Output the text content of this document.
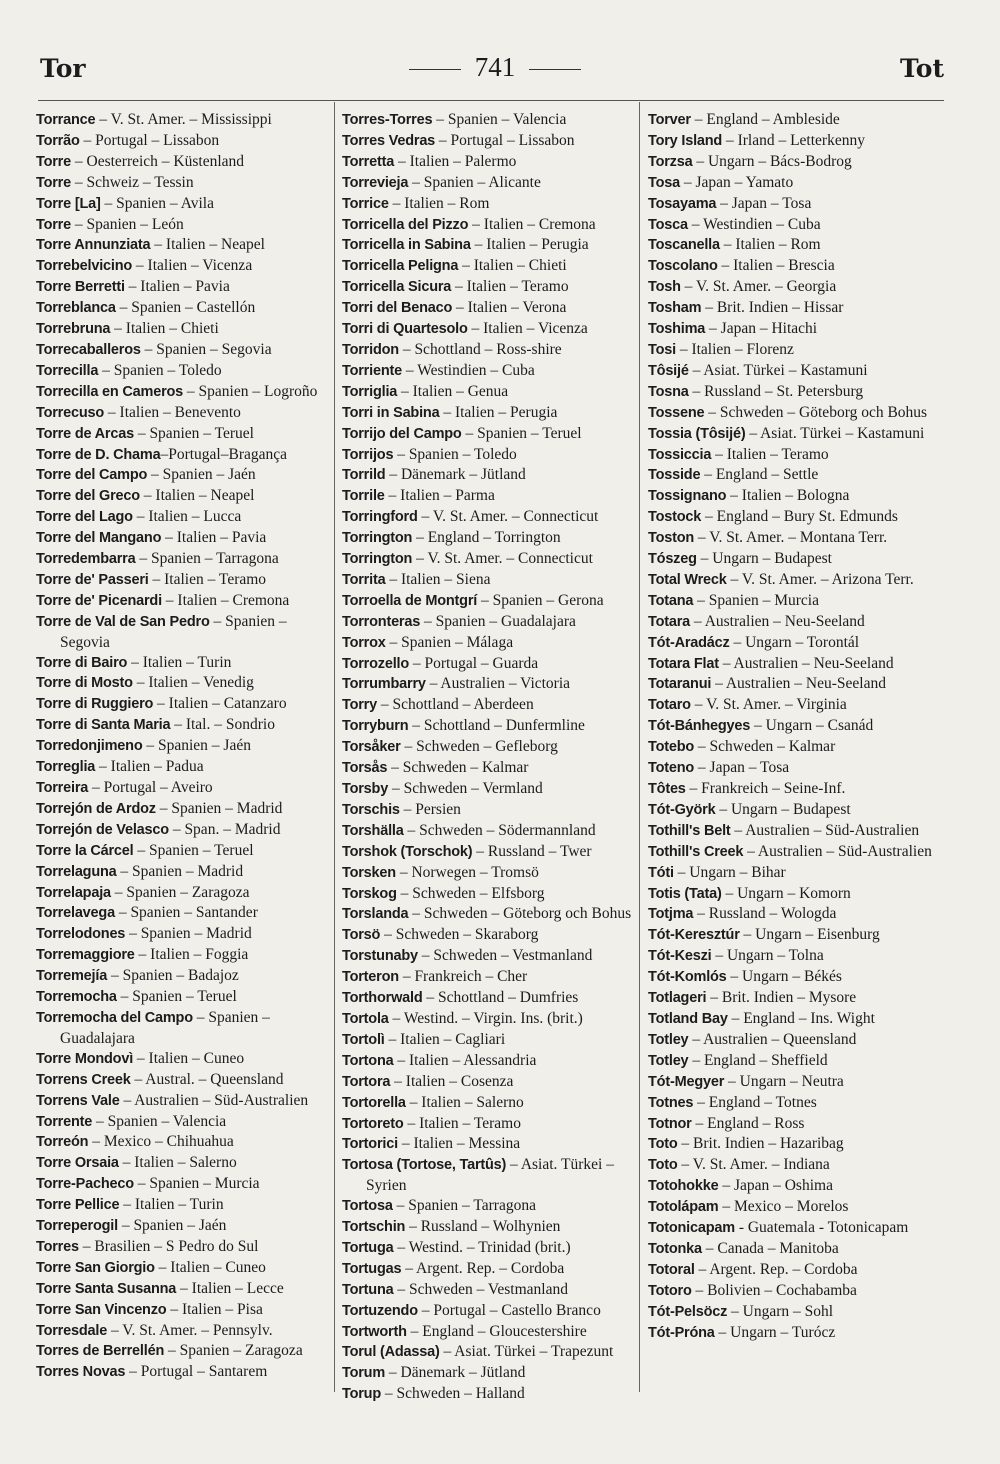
Tor	741	Tot
Torrance – V. St. Amer. – Mississippi
Torrão – Portugal – Lissabon
Torre – Oesterreich – Küstenland
Torre – Schweiz – Tessin
Torre [La] – Spanien – Avila
Torre – Spanien – León
Torre Annunziata – Italien – Neapel
Torrebelvicino – Italien – Vicenza
Torre Berretti – Italien – Pavia
Torreblanca – Spanien – Castellón
Torrebruna – Italien – Chieti
Torrecaballeros – Spanien – Segovia
Torrecilla – Spanien – Toledo
Torrecilla en Cameros – Spanien – Logroño
Torrecuso – Italien – Benevento
Torre de Arcas – Spanien – Teruel
Torre de D. Chama–Portugal–Bragança
Torre del Campo – Spanien – Jaén
Torre del Greco – Italien – Neapel
Torre del Lago – Italien – Lucca
Torre del Mangano – Italien – Pavia
Torredembarra – Spanien – Tarragona
Torre de' Passeri – Italien – Teramo
Torre de' Picenardi – Italien – Cremona
Torre de Val de San Pedro – Spanien – Segovia
Torre di Bairo – Italien – Turin
Torre di Mosto – Italien – Venedig
Torre di Ruggiero – Italien – Catanzaro
Torre di Santa Maria – Ital. – Sondrio
Torredonjimeno – Spanien – Jaén
Torreglia – Italien – Padua
Torreira – Portugal – Aveiro
Torrejón de Ardoz – Spanien – Madrid
Torrejón de Velasco – Span. – Madrid
Torre la Cárcel – Spanien – Teruel
Torrelaguna – Spanien – Madrid
Torrelapaja – Spanien – Zaragoza
Torrelavega – Spanien – Santander
Torrelodones – Spanien – Madrid
Torremaggiore – Italien – Foggia
Torremejía – Spanien – Badajoz
Torremocha – Spanien – Teruel
Torremocha del Campo – Spanien – Guadalajara
Torre Mondovì – Italien – Cuneo
Torrens Creek – Austral. – Queensland
Torrens Vale – Australien – Süd-Australien
Torrente – Spanien – Valencia
Torreón – Mexico – Chihuahua
Torre Orsaia – Italien – Salerno
Torre-Pacheco – Spanien – Murcia
Torre Pellice – Italien – Turin
Torreperogil – Spanien – Jaén
Torres – Brasilien – S Pedro do Sul
Torre San Giorgio – Italien – Cuneo
Torre Santa Susanna – Italien – Lecce
Torre San Vincenzo – Italien – Pisa
Torresdale – V. St. Amer. – Pennsylv.
Torres de Berrellén – Spanien – Zaragoza
Torres Novas – Portugal – Santarem
Torres-Torres – Spanien – Valencia
Torres Vedras – Portugal – Lissabon
Torretta – Italien – Palermo
Torrevieja – Spanien – Alicante
Torrice – Italien – Rom
Torricella del Pizzo – Italien – Cremona
Torricella in Sabina – Italien – Perugia
Torricella Peligna – Italien – Chieti
Torricella Sicura – Italien – Teramo
Torri del Benaco – Italien – Verona
Torri di Quartesolo – Italien – Vicenza
Torridon – Schottland – Ross-shire
Torriente – Westindien – Cuba
Torriglia – Italien – Genua
Torri in Sabina – Italien – Perugia
Torrijo del Campo – Spanien – Teruel
Torrijos – Spanien – Toledo
Torrild – Dänemark – Jütland
Torrile – Italien – Parma
Torringford – V. St. Amer. – Connecticut
Torrington – England – Torrington
Torrington – V. St. Amer. – Connecticut
Torrita – Italien – Siena
Torroella de Montgrí – Spanien – Gerona
Torronteras – Spanien – Guadalajara
Torrox – Spanien – Málaga
Torrozello – Portugal – Guarda
Torrumbarry – Australien – Victoria
Torry – Schottland – Aberdeen
Torryburn – Schottland – Dunfermline
Torsåker – Schweden – Gefleborg
Torsås – Schweden – Kalmar
Torsby – Schweden – Vermland
Torschis – Persien
Torshälla – Schweden – Södermannland
Torshok (Torschok) – Russland – Twer
Torsken – Norwegen – Tromsö
Torskog – Schweden – Elfsborg
Torslanda – Schweden – Göteborg och Bohus
Torsö – Schweden – Skaraborg
Torstunaby – Schweden – Vestmanland
Torteron – Frankreich – Cher
Torthorwald – Schottland – Dumfries
Tortola – Westind. – Virgin. Ins. (brit.)
Tortolì – Italien – Cagliari
Tortona – Italien – Alessandria
Tortora – Italien – Cosenza
Tortorella – Italien – Salerno
Tortoreto – Italien – Teramo
Tortorici – Italien – Messina
Tortosa (Tortose, Tartûs) – Asiat. Türkei – Syrien
Tortosa – Spanien – Tarragona
Tortschin – Russland – Wolhynien
Tortuga – Westind. – Trinidad (brit.)
Tortugas – Argent. Rep. – Cordoba
Tortuna – Schweden – Vestmanland
Tortuzendo – Portugal – Castello Branco
Tortworth – England – Gloucestershire
Torul (Adassa) – Asiat. Türkei – Trapezunt
Torum – Dänemark – Jütland
Torup – Schweden – Halland
Torver – England – Ambleside
Tory Island – Irland – Letterkenny
Torzsa – Ungarn – Bács-Bodrog
Tosa – Japan – Yamato
Tosayama – Japan – Tosa
Tosca – Westindien – Cuba
Toscanella – Italien – Rom
Toscolano – Italien – Brescia
Tosh – V. St. Amer. – Georgia
Tosham – Brit. Indien – Hissar
Toshima – Japan – Hitachi
Tosi – Italien – Florenz
Tôsijé – Asiat. Türkei – Kastamuni
Tosna – Russland – St. Petersburg
Tossene – Schweden – Göteborg och Bohus
Tossia (Tôsijé) – Asiat. Türkei – Kastamuni
Tossiccia – Italien – Teramo
Tosside – England – Settle
Tossignano – Italien – Bologna
Tostock – England – Bury St. Edmunds
Toston – V. St. Amer. – Montana Terr.
Tószeg – Ungarn – Budapest
Total Wreck – V. St. Amer. – Arizona Terr.
Totana – Spanien – Murcia
Totara – Australien – Neu-Seeland
Tót-Aradácz – Ungarn – Torontál
Totara Flat – Australien – Neu-Seeland
Totaranui – Australien – Neu-Seeland
Totaro – V. St. Amer. – Virginia
Tót-Bánhegyes – Ungarn – Csanád
Totebo – Schweden – Kalmar
Toteno – Japan – Tosa
Tôtes – Frankreich – Seine-Inf.
Tót-Györk – Ungarn – Budapest
Tothill's Belt – Australien – Süd-Australien
Tothill's Creek – Australien – Süd-Australien
Tóti – Ungarn – Bihar
Totis (Tata) – Ungarn – Komorn
Totjma – Russland – Wologda
Tót-Keresztúr – Ungarn – Eisenburg
Tót-Keszi – Ungarn – Tolna
Tót-Komlós – Ungarn – Békés
Totlageri – Brit. Indien – Mysore
Totland Bay – England – Ins. Wight
Totley – Australien – Queensland
Totley – England – Sheffield
Tót-Megyer – Ungarn – Neutra
Totnes – England – Totnes
Totnor – England – Ross
Toto – Brit. Indien – Hazaribag
Toto – V. St. Amer. – Indiana
Totohokke – Japan – Oshima
Totolápam – Mexico – Morelos
Totonicapam - Guatemala - Totonicapam
Totonka – Canada – Manitoba
Totoral – Argent. Rep. – Cordoba
Totoro – Bolivien – Cochabamba
Tót-Pelsöcz – Ungarn – Sohl
Tót-Próna – Ungarn – Turócz
